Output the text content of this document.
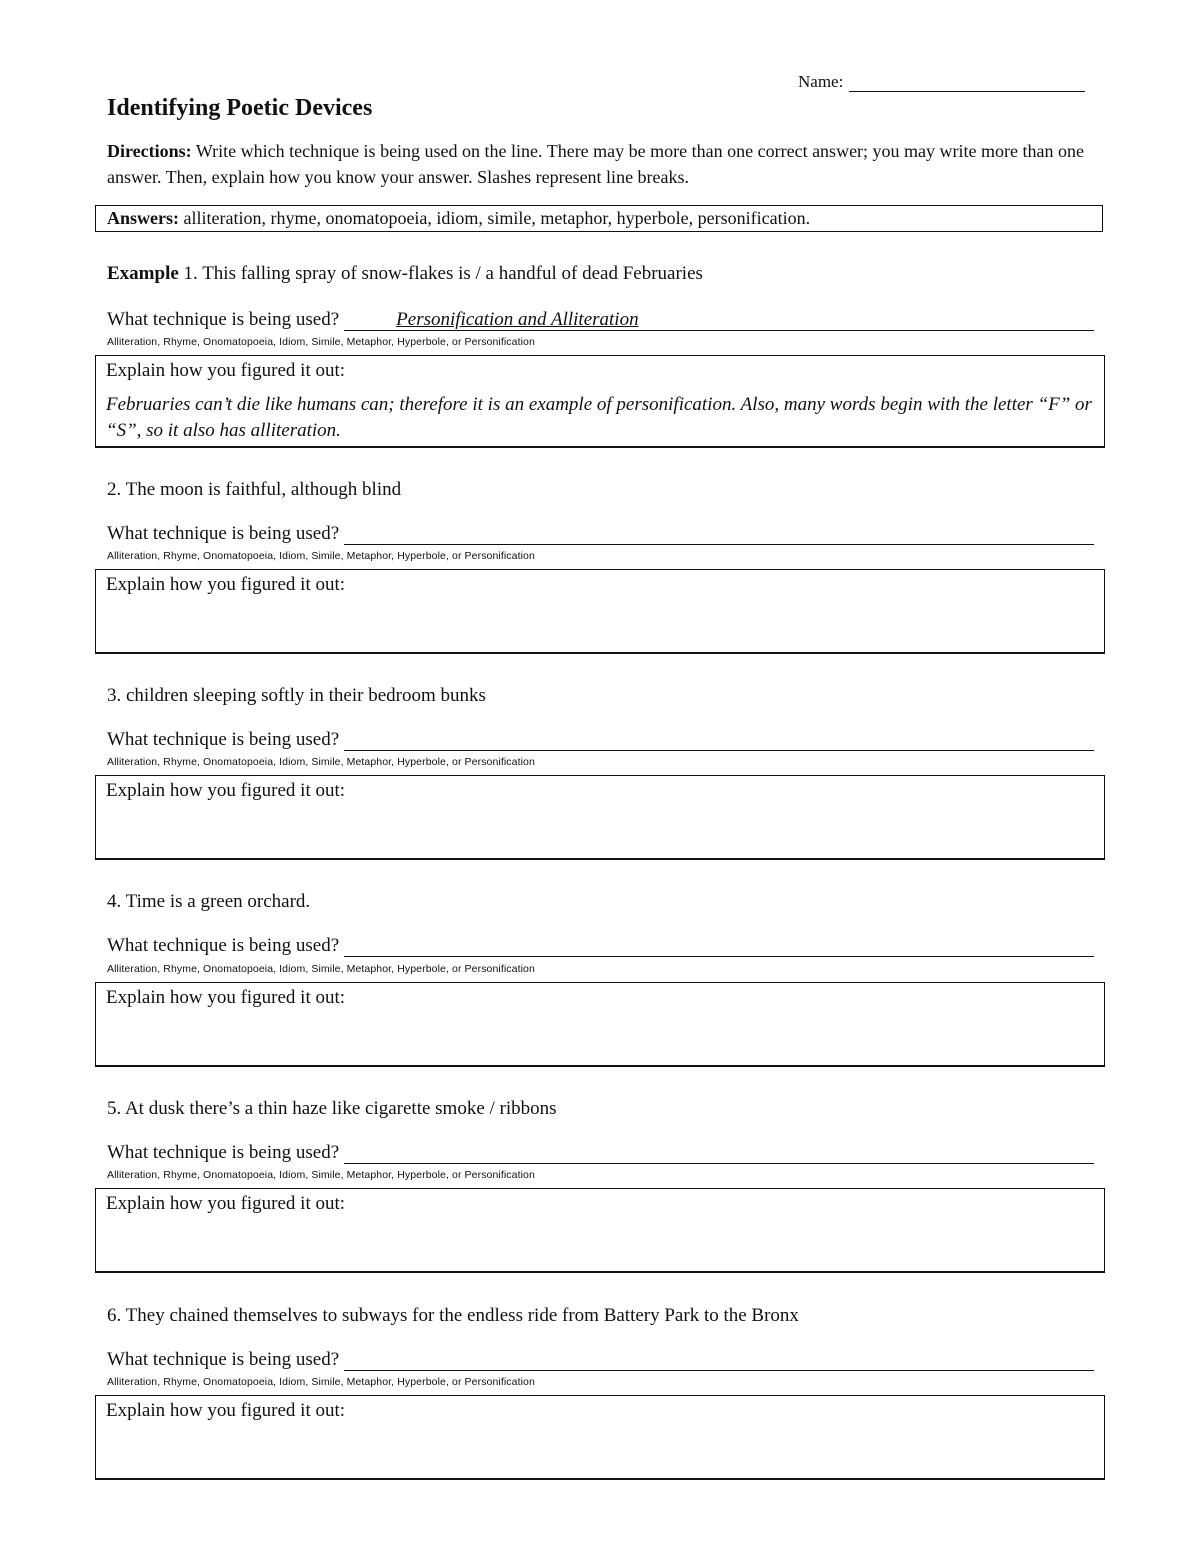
Name:
Identifying Poetic Devices
Directions: Write which technique is being used on the line. There may be more than one correct answer; you may write more than one answer. Then, explain how you know your answer. Slashes represent line breaks.
Answers: alliteration, rhyme, onomatopoeia, idiom, simile, metaphor, hyperbole, personification.
Example 1. This falling spray of snow-flakes is / a handful of dead Februaries
What technique is being used?	Personification and Alliteration
Alliteration, Rhyme, Onomatopoeia, Idiom, Simile, Metaphor, Hyperbole, or Personification
Explain how you figured it out:
Februaries can’t die like humans can; therefore it is an example of personification. Also, many words begin with the letter “F” or “S”, so it also has alliteration.
2. The moon is faithful, although blind
What technique is being used?
Alliteration, Rhyme, Onomatopoeia, Idiom, Simile, Metaphor, Hyperbole, or Personification
Explain how you figured it out:
3. children sleeping softly in their bedroom bunks
What technique is being used?
Alliteration, Rhyme, Onomatopoeia, Idiom, Simile, Metaphor, Hyperbole, or Personification
Explain how you figured it out:
4. Time is a green orchard.
What technique is being used?
Alliteration, Rhyme, Onomatopoeia, Idiom, Simile, Metaphor, Hyperbole, or Personification
Explain how you figured it out:
5. At dusk there’s a thin haze like cigarette smoke / ribbons
What technique is being used?
Alliteration, Rhyme, Onomatopoeia, Idiom, Simile, Metaphor, Hyperbole, or Personification
Explain how you figured it out:
6. They chained themselves to subways for the endless ride from Battery Park to the Bronx
What technique is being used?
Alliteration, Rhyme, Onomatopoeia, Idiom, Simile, Metaphor, Hyperbole, or Personification
Explain how you figured it out:
